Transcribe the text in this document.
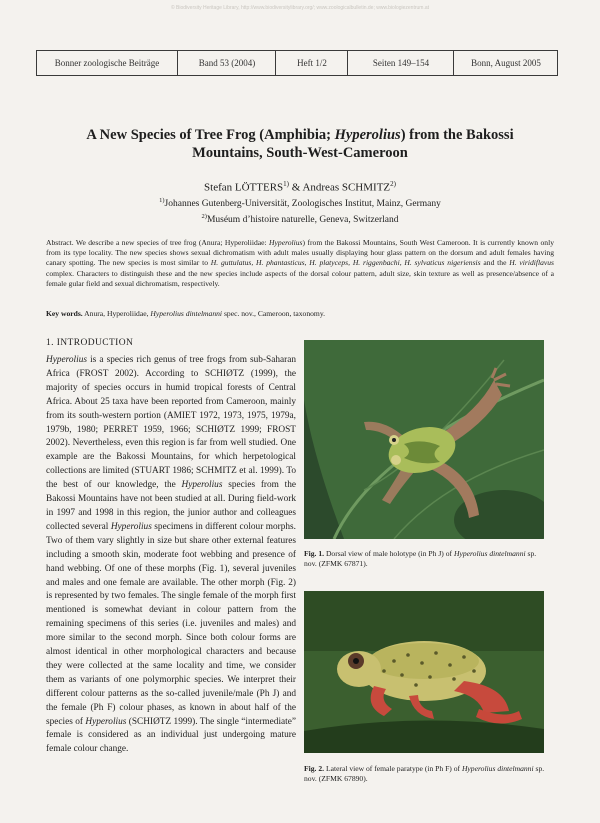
© Biodiversity Heritage Library, http://www.biodiversitylibrary.org/; www.zoologicalbulletin.de; www.biologiezentrum.at
Bonner zoologische Beiträge	Band 53 (2004)	Heft 1/2	Seiten 149–154	Bonn, August 2005
A New Species of Tree Frog (Amphibia; Hyperolius) from the Bakossi
Mountains, South-West-Cameroon
Stefan LÖTTERS$^{1)}$ & Andreas SCHMITZ$^{2)}$
$^{1)}$Johannes Gutenberg-Universität, Zoologisches Institut, Mainz, Germany
$^{2)}$Muséum d’histoire naturelle, Geneva, Switzerland
Abstract. We describe a new species of tree frog (Anura; Hyperoliidae: Hyperolius) from the Bakossi Mountains, South West Cameroon. It is currently known only from its type locality. The new species shows sexual dichromatism with adult males usually displaying hour glass pattern on the dorsum and adult females having canary spotting. The new species is most similar to H. guttulatus, H. phantasticus, H. platyceps, H. riggenbachi, H. sylvaticus nigeriensis and the H. viridiflavus complex. Characters to distinguish these and the new species include aspects of the dorsal colour pattern, adult size, skin texture as well as presence/absence of a female gular field and sexual dichromatism, respectively.
Key words. Anura, Hyperoliidae, Hyperolius dintelmanni spec. nov., Cameroon, taxonomy.
1. INTRODUCTION

Hyperolius is a species rich genus of tree frogs from sub-Saharan Africa (FROST 2002). According to SCHIØTZ (1999), the majority of species occurs in humid tropical forests of Central Africa. About 25 taxa have been reported from Cameroon, mainly from its south-western portion (AMIET 1972, 1973, 1975, 1979a, 1979b, 1980; PERRET 1959, 1966; SCHIØTZ 1999; FROST 2002). Nevertheless, even this region is far from well studied. One example are the Bakossi Mountains, for which herpetological collections are limited (STUART 1986; SCHMITZ et al. 1999). To the best of our knowledge, the Hyperolius species from the Bakossi Mountains have not been studied at all. During field-work in 1997 and 1998 in this region, the junior author and colleagues collected several Hyperolius specimens in different colour morphs. Two of them vary slightly in size but share other external features including a smooth skin, moderate foot webbing and presence of hand webbing. Of one of these morphs (Fig. 1), several juveniles and males and one female are available. The other morph (Fig. 2) is represented by two females. The single female of the morph first mentioned is somewhat deviant in colour pattern from the remaining specimens of this series (i.e. juveniles and males) and more similar to the second morph. Since both colour forms are almost identical in other morphological characters and because they were collected at the same locality and time, we consider them as variants of one polymorphic species. We interpret their different colour patterns as the so-called juvenile/male (Ph J) and the female (Ph F) colour phases, as known in about half of the species of Hyperolius (SCHIØTZ 1999). The single “intermediate” female is considered as an individual just undergoing mature female colour change.

Fig. 1. Dorsal view of male holotype (in Ph J) of Hyperolius dintelmanni sp. nov. (ZFMK 67871).
Fig. 2. Lateral view of female paratype (in Ph F) of Hyperolius dintelmanni sp. nov. (ZFMK 67890).
